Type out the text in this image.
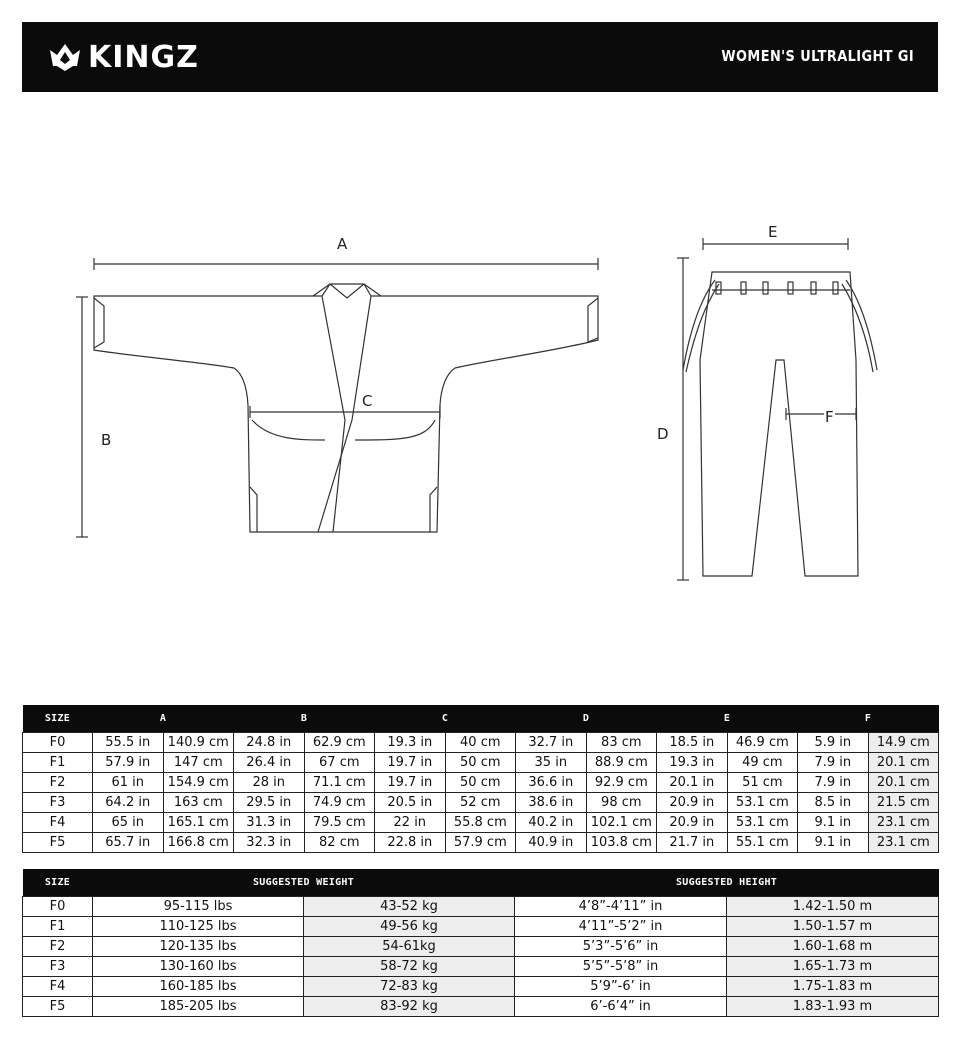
KINGZ	WOMEN'S ULTRALIGHT GI
A
B
C
D
E
F
SIZE	A		B		C		D		E		F	
F0	55.5 in	140.9 cm	24.8 in	62.9 cm	19.3 in	40 cm	32.7 in	83 cm	18.5 in	46.9 cm	5.9 in	14.9 cm
F1	57.9 in	147 cm	26.4 in	67 cm	19.7 in	50 cm	35 in	88.9 cm	19.3 in	49 cm	7.9 in	20.1 cm
F2	61 in	154.9 cm	28 in	71.1 cm	19.7 in	50 cm	36.6 in	92.9 cm	20.1 in	51 cm	7.9 in	20.1 cm
F3	64.2 in	163 cm	29.5 in	74.9 cm	20.5 in	52 cm	38.6 in	98 cm	20.9 in	53.1 cm	8.5 in	21.5 cm
F4	65 in	165.1 cm	31.3 in	79.5 cm	22 in	55.8 cm	40.2 in	102.1 cm	20.9 in	53.1 cm	9.1 in	23.1 cm
F5	65.7 in	166.8 cm	32.3 in	82 cm	22.8 in	57.9 cm	40.9 in	103.8 cm	21.7 in	55.1 cm	9.1 in	23.1 cm
SIZE	SUGGESTED WEIGHT		SUGGESTED HEIGHT	
F0	95-115 lbs	43-52 kg	4’8”-4’11” in	1.42-1.50 m
F1	110-125 lbs	49-56 kg	4’11”-5’2” in	1.50-1.57 m
F2	120-135 lbs	54-61kg	5’3”-5’6” in	1.60-1.68 m
F3	130-160 lbs	58-72 kg	5’5”-5’8” in	1.65-1.73 m
F4	160-185 lbs	72-83 kg	5’9”-6’ in	1.75-1.83 m
F5	185-205 lbs	83-92 kg	6’-6’4” in	1.83-1.93 m
